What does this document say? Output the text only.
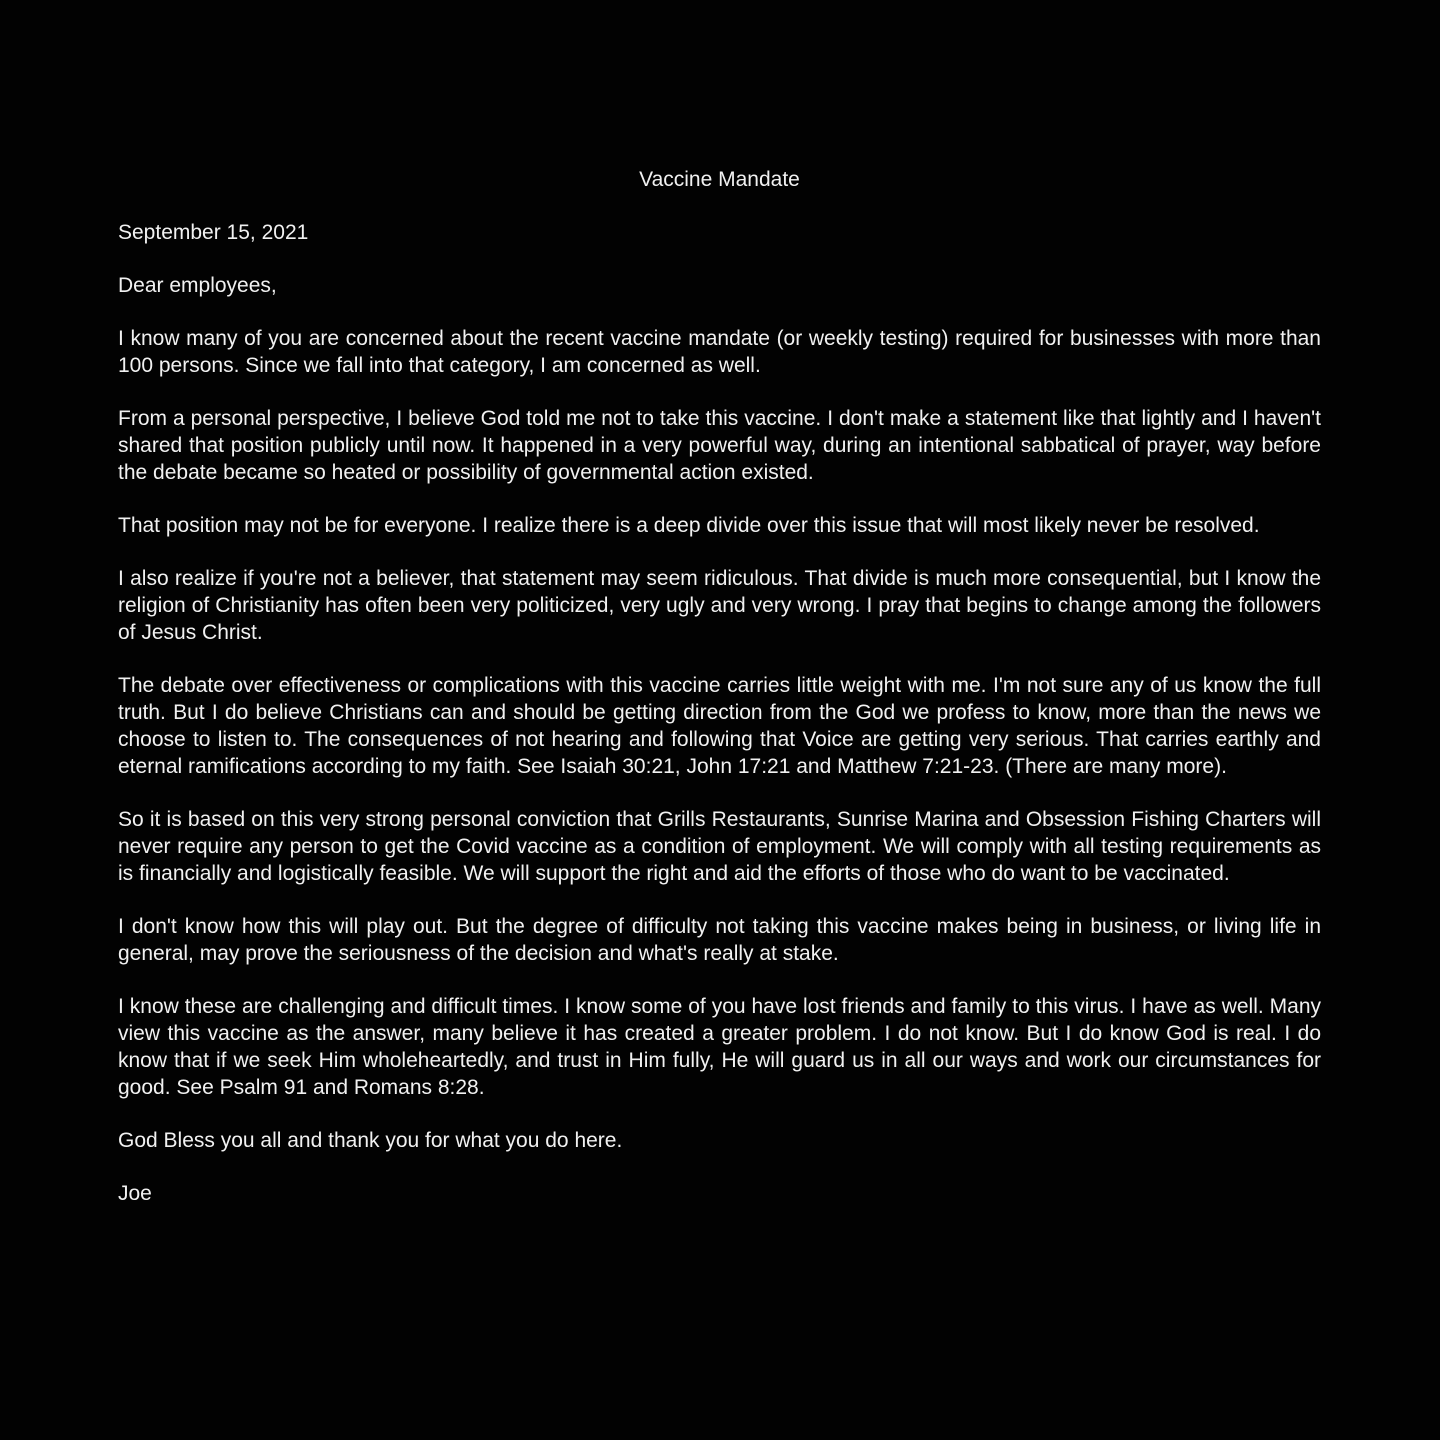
Vaccine Mandate

September 15, 2021

Dear employees,

I know many of you are concerned about the recent vaccine mandate (or weekly testing) required for businesses with more than 100 persons. Since we fall into that category, I am concerned as well.

From a personal perspective, I believe God told me not to take this vaccine. I don't make a statement like that lightly and I haven't shared that position publicly until now. It happened in a very powerful way, during an intentional sabbatical of prayer, way before the debate became so heated or possibility of governmental action existed.

That position may not be for everyone. I realize there is a deep divide over this issue that will most likely never be resolved.

I also realize if you're not a believer, that statement may seem ridiculous. That divide is much more consequential, but I know the religion of Christianity has often been very politicized, very ugly and very wrong. I pray that begins to change among the followers of Jesus Christ.

The debate over effectiveness or complications with this vaccine carries little weight with me. I'm not sure any of us know the full truth. But I do believe Christians can and should be getting direction from the God we profess to know, more than the news we choose to listen to. The consequences of not hearing and following that Voice are getting very serious. That carries earthly and eternal ramifications according to my faith. See Isaiah 30:21, John 17:21 and Matthew 7:21-23. (There are many more).

So it is based on this very strong personal conviction that Grills Restaurants, Sunrise Marina and Obsession Fishing Charters will never require any person to get the Covid vaccine as a condition of employment. We will comply with all testing requirements as is financially and logistically feasible. We will support the right and aid the efforts of those who do want to be vaccinated.

I don't know how this will play out. But the degree of difficulty not taking this vaccine makes being in business, or living life in general, may prove the seriousness of the decision and what's really at stake.

I know these are challenging and difficult times. I know some of you have lost friends and family to this virus. I have as well. Many view this vaccine as the answer, many believe it has created a greater problem. I do not know. But I do know God is real. I do know that if we seek Him wholeheartedly, and trust in Him fully, He will guard us in all our ways and work our circumstances for good. See Psalm 91 and Romans 8:28.

God Bless you all and thank you for what you do here.

Joe
